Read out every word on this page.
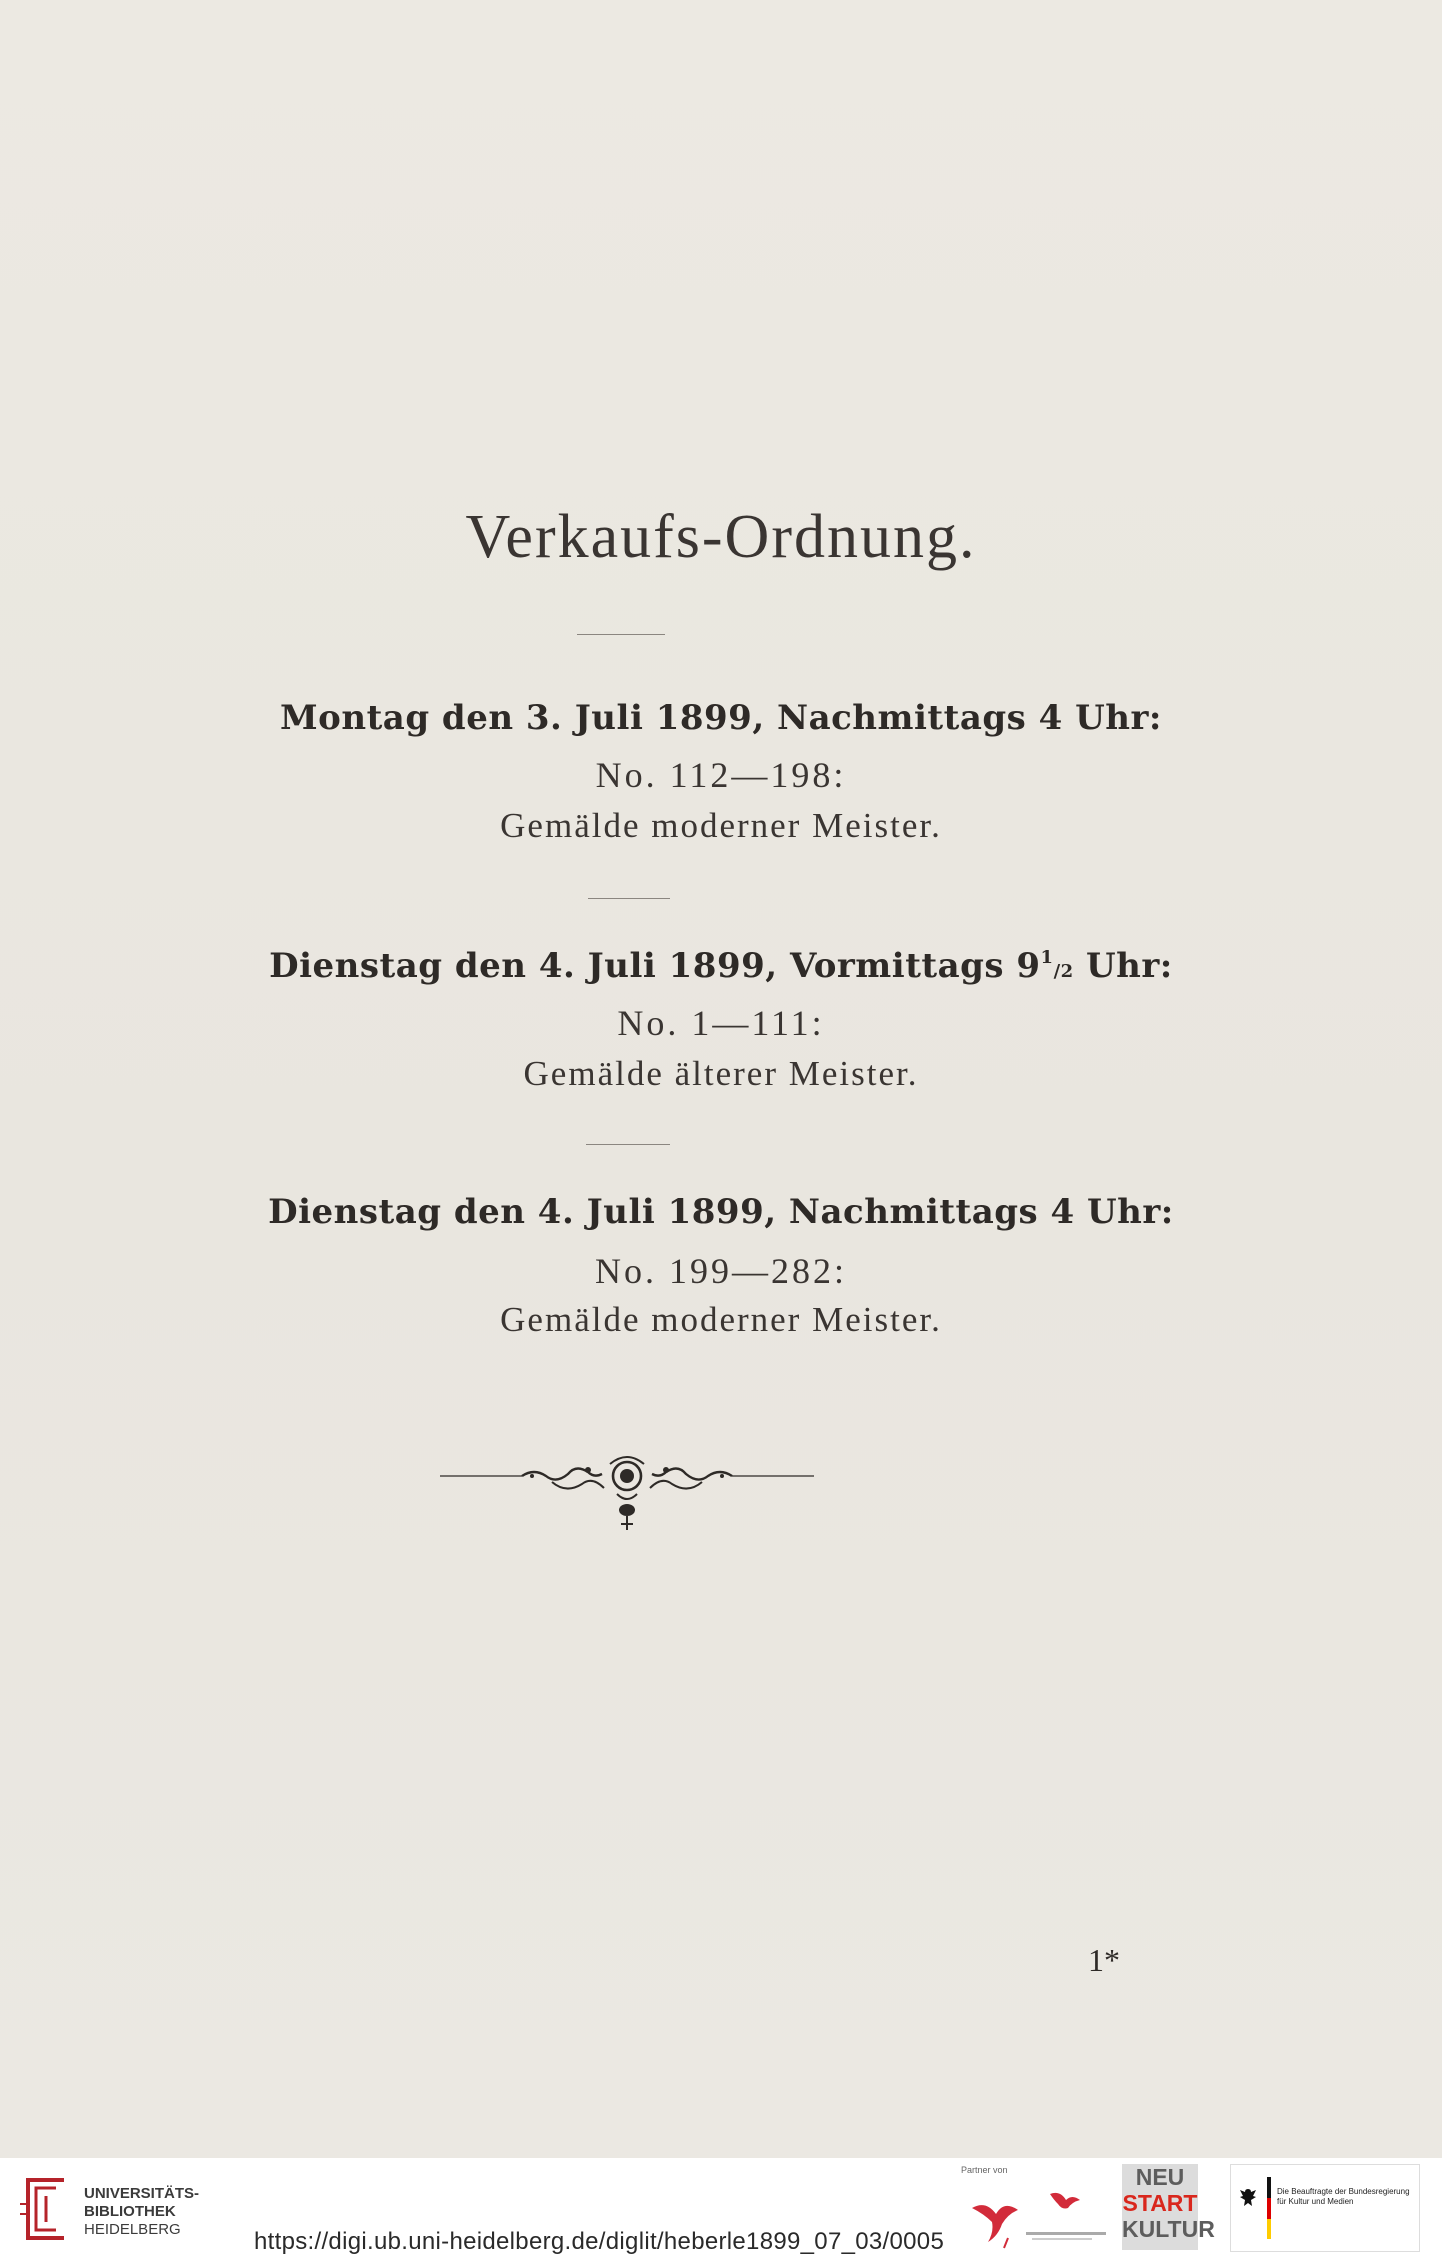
Verkaufs-Ordnung.
Montag den 3. Juli 1899, Nachmittags 4 Uhr:
No. 112—198:
Gemälde moderner Meister.
Dienstag den 4. Juli 1899, Vormittags $9^1/2$ Uhr:
No. 1—111:
Gemälde älterer Meister.
Dienstag den 4. Juli 1899, Nachmittags 4 Uhr:
No. 199—282:
Gemälde moderner Meister.
1*
UNIVERSITÄTS-
BIBLIOTHEK
HEIDELBERG	https://digi.ub.uni-heidelberg.de/diglit/heberle1899_07_03/0005
Partner von	NEU
START
KULTUR
Die Beauftragte der Bundesregierung
für Kultur und Medien
